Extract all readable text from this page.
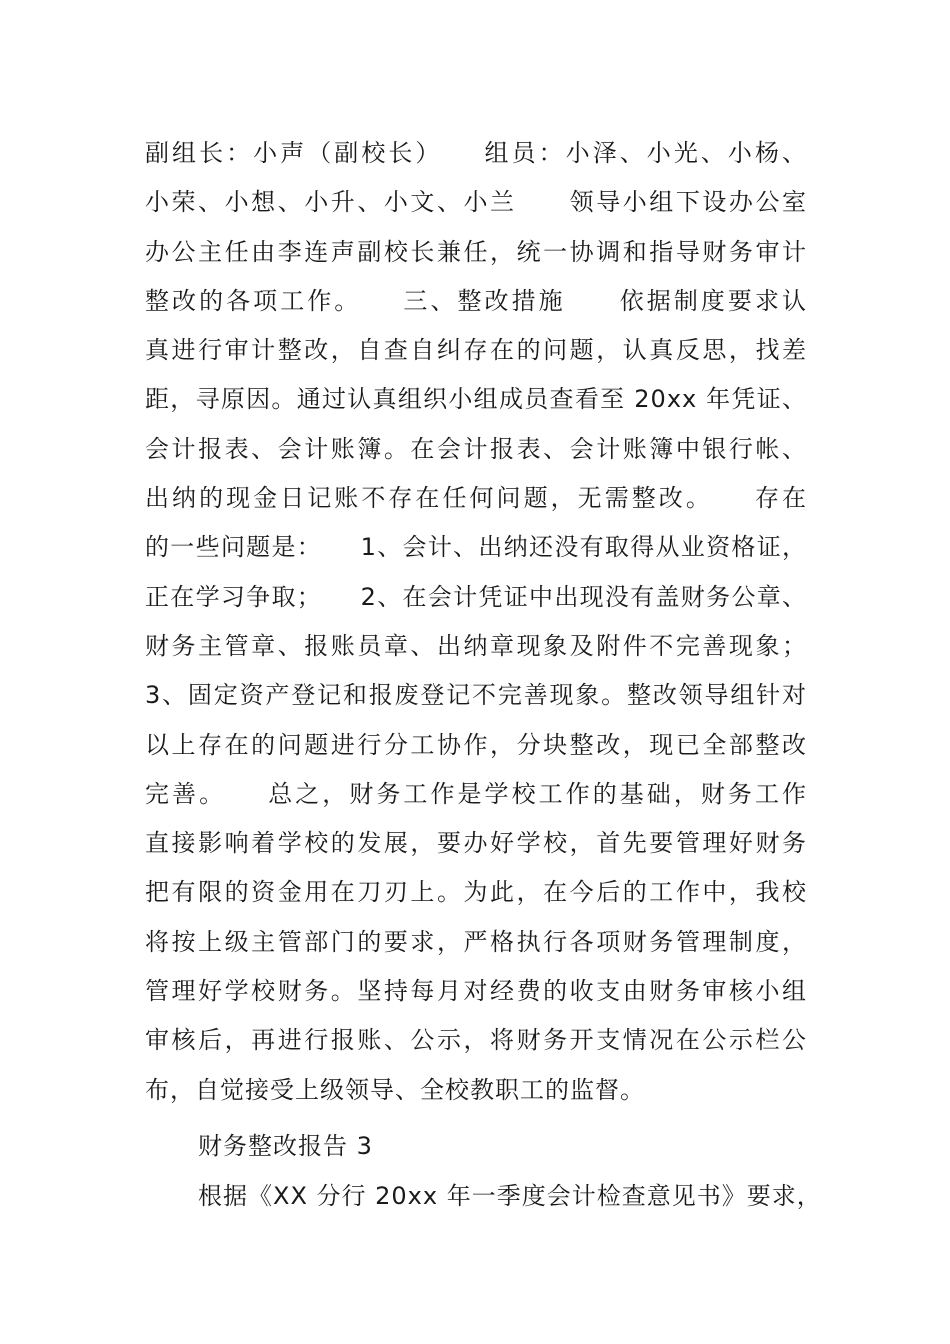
副组长：小声（副校长）　　组员：小泽、小光、小杨、
小荣、小想、小升、小文、小兰　　领导小组下设办公室
办公主任由李连声副校长兼任，统一协调和指导财务审计
整改的各项工作。　　三、整改措施　　依据制度要求认
真进行审计整改，自查自纠存在的问题，认真反思，找差
距，寻原因。通过认真组织小组成员查看至 20xx 年凭证、
会计报表、会计账簿。在会计报表、会计账簿中银行帐、
出纳的现金日记账不存在任何问题，无需整改。　　存在
的一些问题是：　　1、会计、出纳还没有取得从业资格证，
正在学习争取；　　2、在会计凭证中出现没有盖财务公章、
财务主管章、报账员章、出纳章现象及附件不完善现象；
3、固定资产登记和报废登记不完善现象。整改领导组针对
以上存在的问题进行分工协作，分块整改，现已全部整改
完善。　　总之，财务工作是学校工作的基础，财务工作
直接影响着学校的发展，要办好学校，首先要管理好财务
把有限的资金用在刀刃上。为此，在今后的工作中，我校
将按上级主管部门的要求，严格执行各项财务管理制度，
管理好学校财务。坚持每月对经费的收支由财务审核小组
审核后，再进行报账、公示，将财务开支情况在公示栏公
布，自觉接受上级领导、全校教职工的监督。
财务整改报告 3
根据《XX 分行 20xx 年一季度会计检查意见书》要求，
